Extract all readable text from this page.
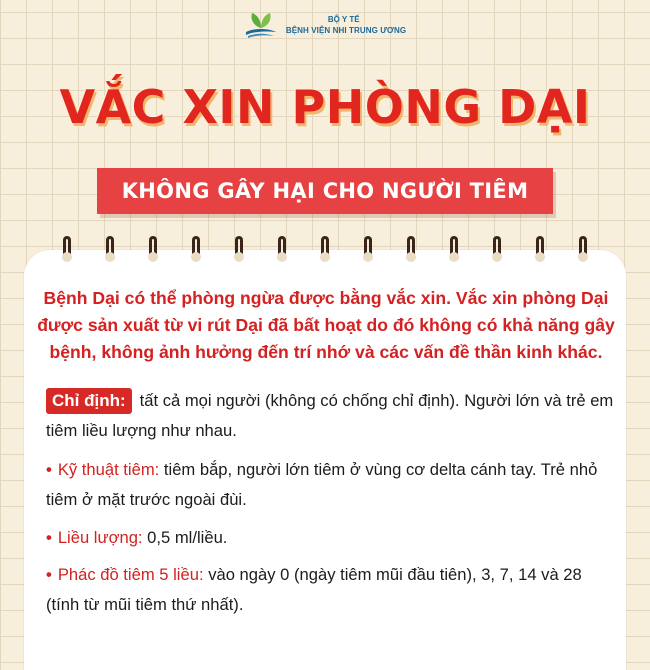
BỘ Y TẾ
BỆNH VIỆN NHI TRUNG ƯƠNG
VẮC XIN PHÒNG DẠI
KHÔNG GÂY HẠI CHO NGƯỜI TIÊM
Bệnh Dại có thể phòng ngừa được bằng vắc xin. Vắc xin phòng Dại được sản xuất từ vi rút Dại đã bất hoạt do đó không có khả năng gây bệnh, không ảnh hưởng đến trí nhớ và các vấn đề thần kinh khác.
Chỉ định: tất cả mọi người (không có chống chỉ định). Người lớn và trẻ em tiêm liều lượng như nhau.
• Kỹ thuật tiêm: tiêm bắp, người lớn tiêm ở vùng cơ delta cánh tay. Trẻ nhỏ tiêm ở mặt trước ngoài đùi.
• Liều lượng: 0,5 ml/liều.
• Phác đồ tiêm 5 liều: vào ngày 0 (ngày tiêm mũi đầu tiên), 3, 7, 14 và 28 (tính từ mũi tiêm thứ nhất).
